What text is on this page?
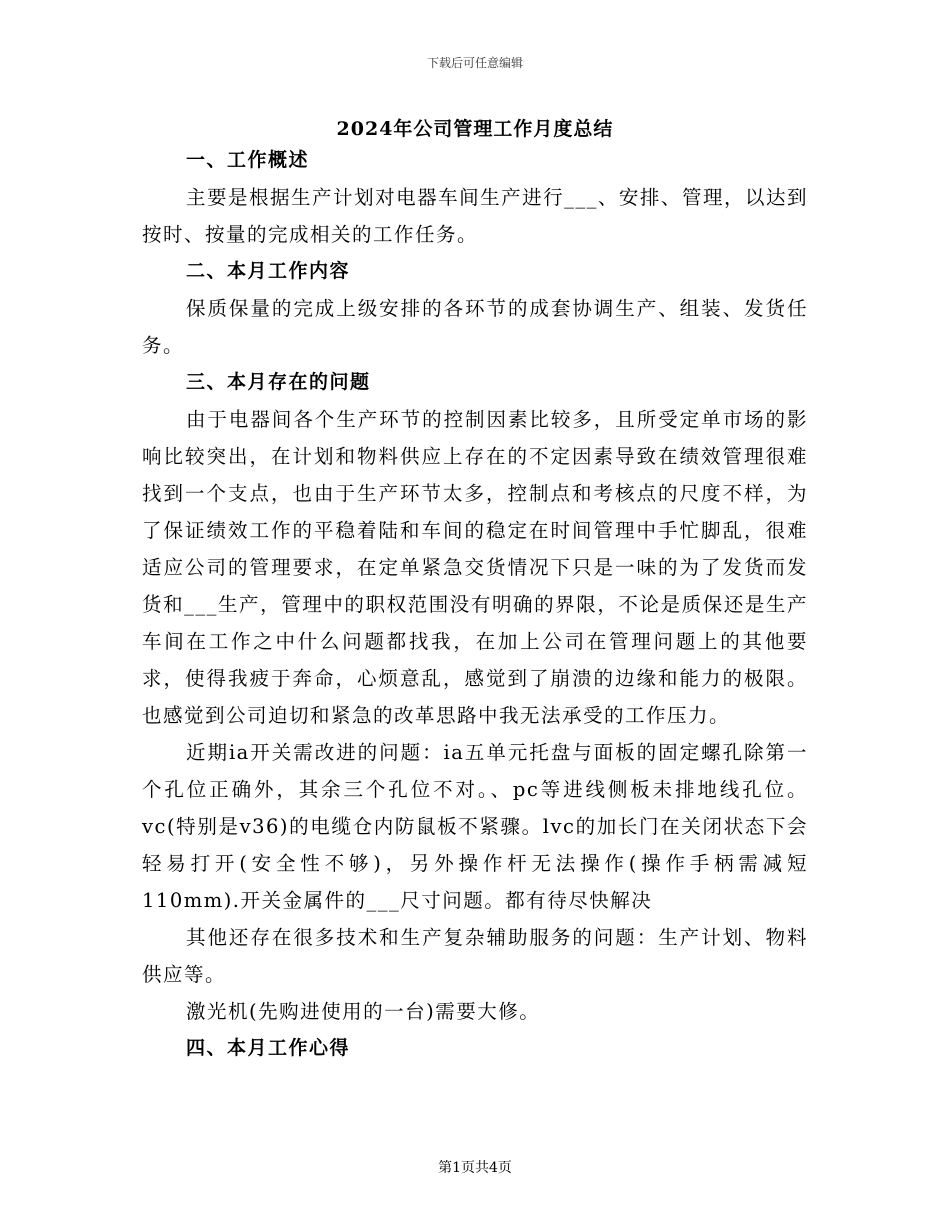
下载后可任意编辑
2024年公司管理工作月度总结

一、工作概述

主要是根据生产计划对电器车间生产进行___、安排、管理，以达到按时、按量的完成相关的工作任务。

二、本月工作内容

保质保量的完成上级安排的各环节的成套协调生产、组装、发货任务。

三、本月存在的问题

由于电器间各个生产环节的控制因素比较多，且所受定单市场的影响比较突出，在计划和物料供应上存在的不定因素导致在绩效管理很难找到一个支点，也由于生产环节太多，控制点和考核点的尺度不样，为了保证绩效工作的平稳着陆和车间的稳定在时间管理中手忙脚乱，很难适应公司的管理要求，在定单紧急交货情况下只是一味的为了发货而发货和___生产，管理中的职权范围没有明确的界限，不论是质保还是生产车间在工作之中什么问题都找我，在加上公司在管理问题上的其他要求，使得我疲于奔命，心烦意乱，感觉到了崩溃的边缘和能力的极限。也感觉到公司迫切和紧急的改革思路中我无法承受的工作压力。

近期ia开关需改进的问题：ia五单元托盘与面板的固定螺孔除第一个孔位正确外，其余三个孔位不对。、pc等进线侧板未排地线孔位。vc(特别是v36)的电缆仓内防鼠板不紧骤。lvc的加长门在关闭状态下会轻易打开(安全性不够)，另外操作杆无法操作(操作手柄需减短110mm).开关金属件的___尺寸问题。都有待尽快解决

其他还存在很多技术和生产复杂辅助服务的问题：生产计划、物料供应等。

激光机(先购进使用的一台)需要大修。

四、本月工作心得

第1页共4页
